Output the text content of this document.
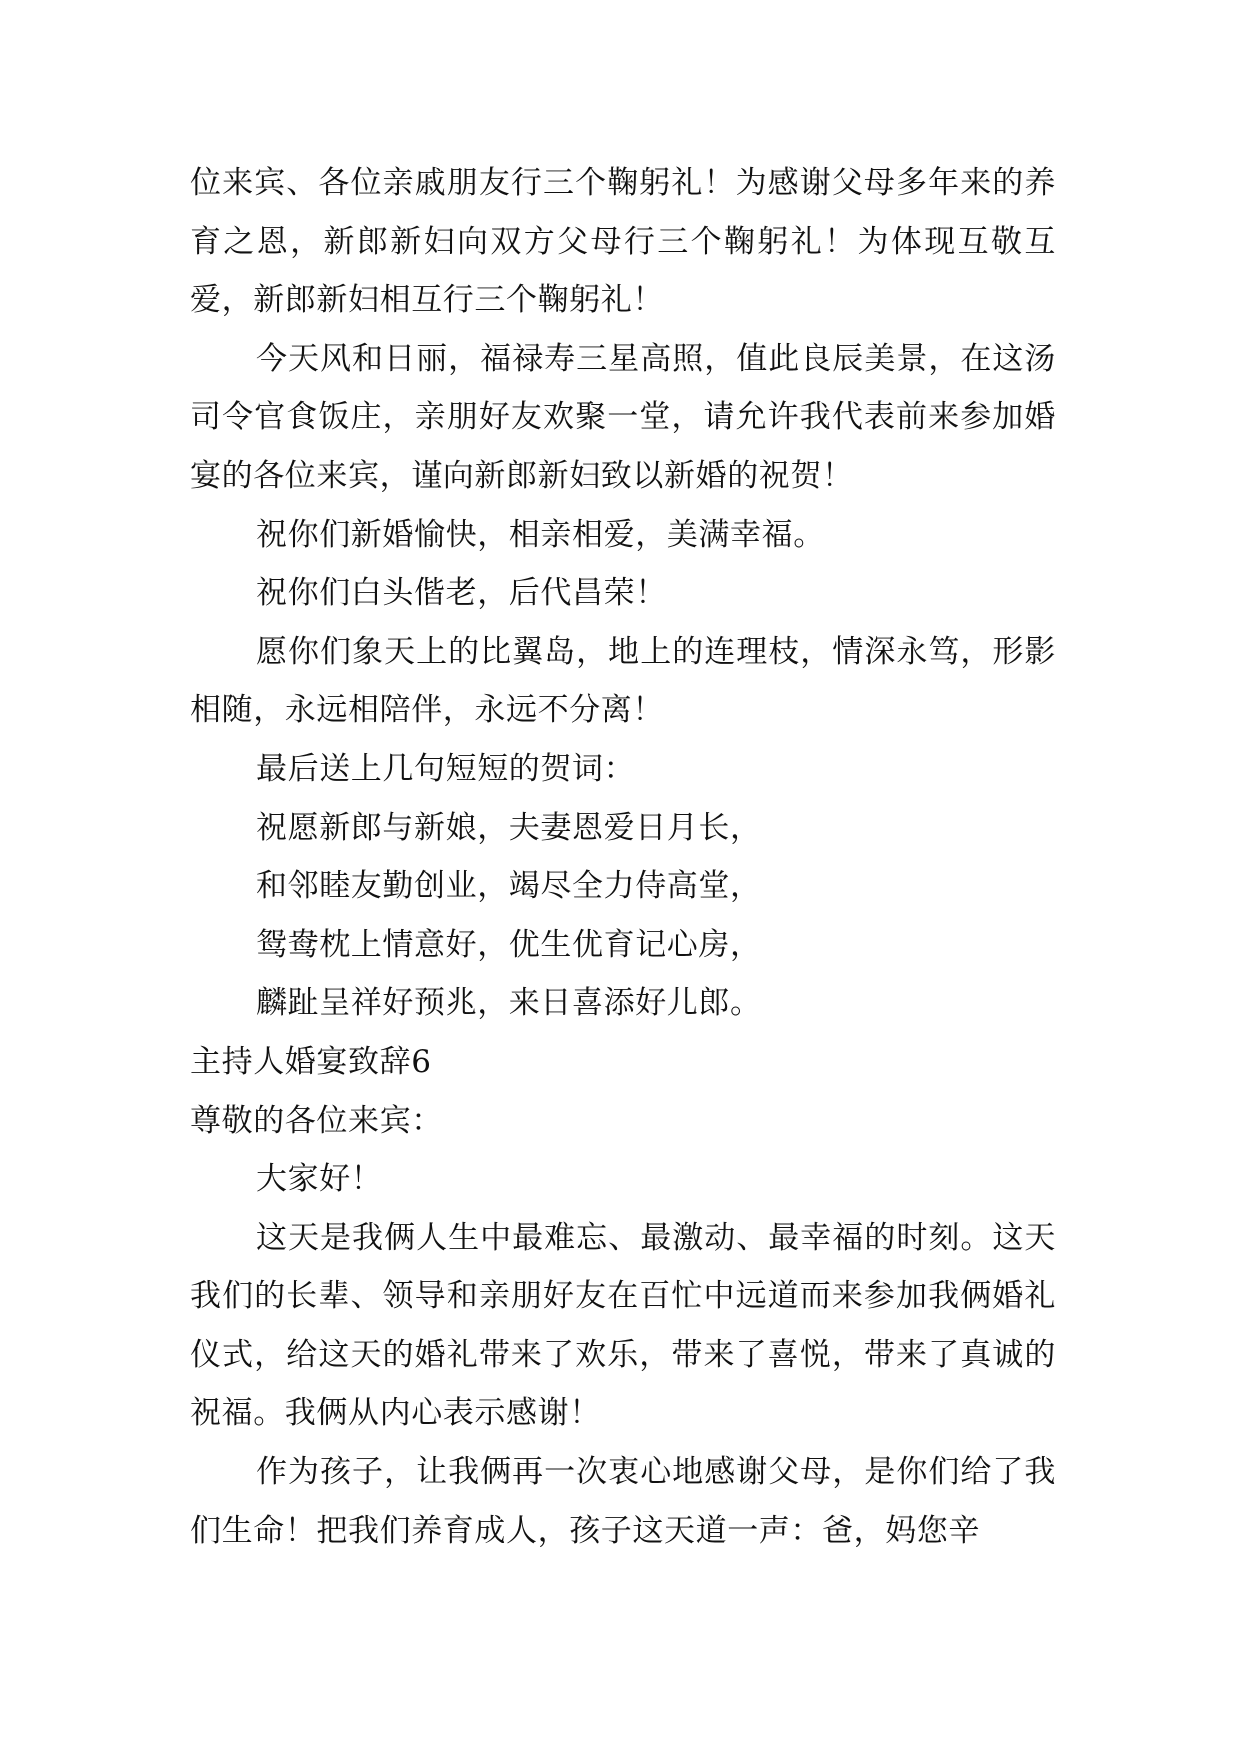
位来宾、各位亲戚朋友行三个鞠躬礼！为感谢父母多年来的养育之恩，新郎新妇向双方父母行三个鞠躬礼！为体现互敬互爱，新郎新妇相互行三个鞠躬礼！

今天风和日丽，福禄寿三星高照，值此良辰美景，在这汤司令官食饭庄，亲朋好友欢聚一堂，请允许我代表前来参加婚宴的各位来宾，谨向新郎新妇致以新婚的祝贺！

祝你们新婚愉快，相亲相爱，美满幸福。

祝你们白头偕老，后代昌荣！

愿你们象天上的比翼岛，地上的连理枝，情深永笃，形影相随，永远相陪伴，永远不分离！

最后送上几句短短的贺词：

祝愿新郎与新娘，夫妻恩爱日月长，

和邻睦友勤创业，竭尽全力侍高堂，

鸳鸯枕上情意好，优生优育记心房，

麟趾呈祥好预兆，来日喜添好儿郎。

主持人婚宴致辞6

尊敬的各位来宾：

大家好！

这天是我俩人生中最难忘、最激动、最幸福的时刻。这天我们的长辈、领导和亲朋好友在百忙中远道而来参加我俩婚礼仪式，给这天的婚礼带来了欢乐，带来了喜悦，带来了真诚的祝福。我俩从内心表示感谢！

作为孩子，让我俩再一次衷心地感谢父母，是你们给了我们生命！把我们养育成人，孩子这天道一声：爸，妈您辛
